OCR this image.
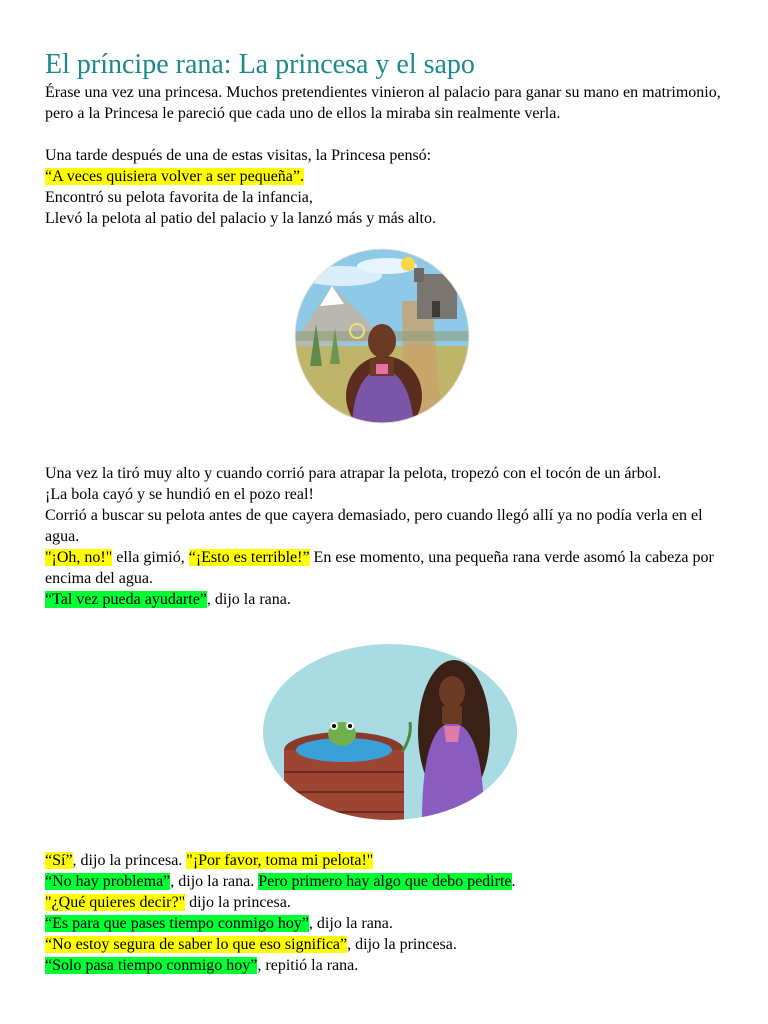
El príncipe rana: La princesa y el sapo

Érase una vez una princesa. Muchos pretendientes vinieron al palacio para ganar su mano en matrimonio, pero a la Princesa le pareció que cada uno de ellos la miraba sin realmente verla.

Una tarde después de una de estas visitas, la Princesa pensó:

“A veces quisiera volver a ser pequeña”.

Encontró su pelota favorita de la infancia,

Llevó la pelota al patio del palacio y la lanzó más y más alto.

Una vez la tiró muy alto y cuando corrió para atrapar la pelota, tropezó con el tocón de un árbol.

¡La bola cayó y se hundió en el pozo real!

Corrió a buscar su pelota antes de que cayera demasiado, pero cuando llegó allí ya no podía verla en el agua.

"¡Oh, no!" ella gimió, “¡Esto es terrible!” En ese momento, una pequeña rana verde asomó la cabeza por encima del agua.

“Tal vez pueda ayudarte”, dijo la rana.

“Sí”, dijo la princesa. "¡Por favor, toma mi pelota!"

“No hay problema”, dijo la rana. Pero primero hay algo que debo pedirte.

"¿Qué quieres decir?" dijo la princesa.

“Es para que pases tiempo conmigo hoy”, dijo la rana.

“No estoy segura de saber lo que eso significa”, dijo la princesa.

“Solo pasa tiempo conmigo hoy”, repitió la rana.
